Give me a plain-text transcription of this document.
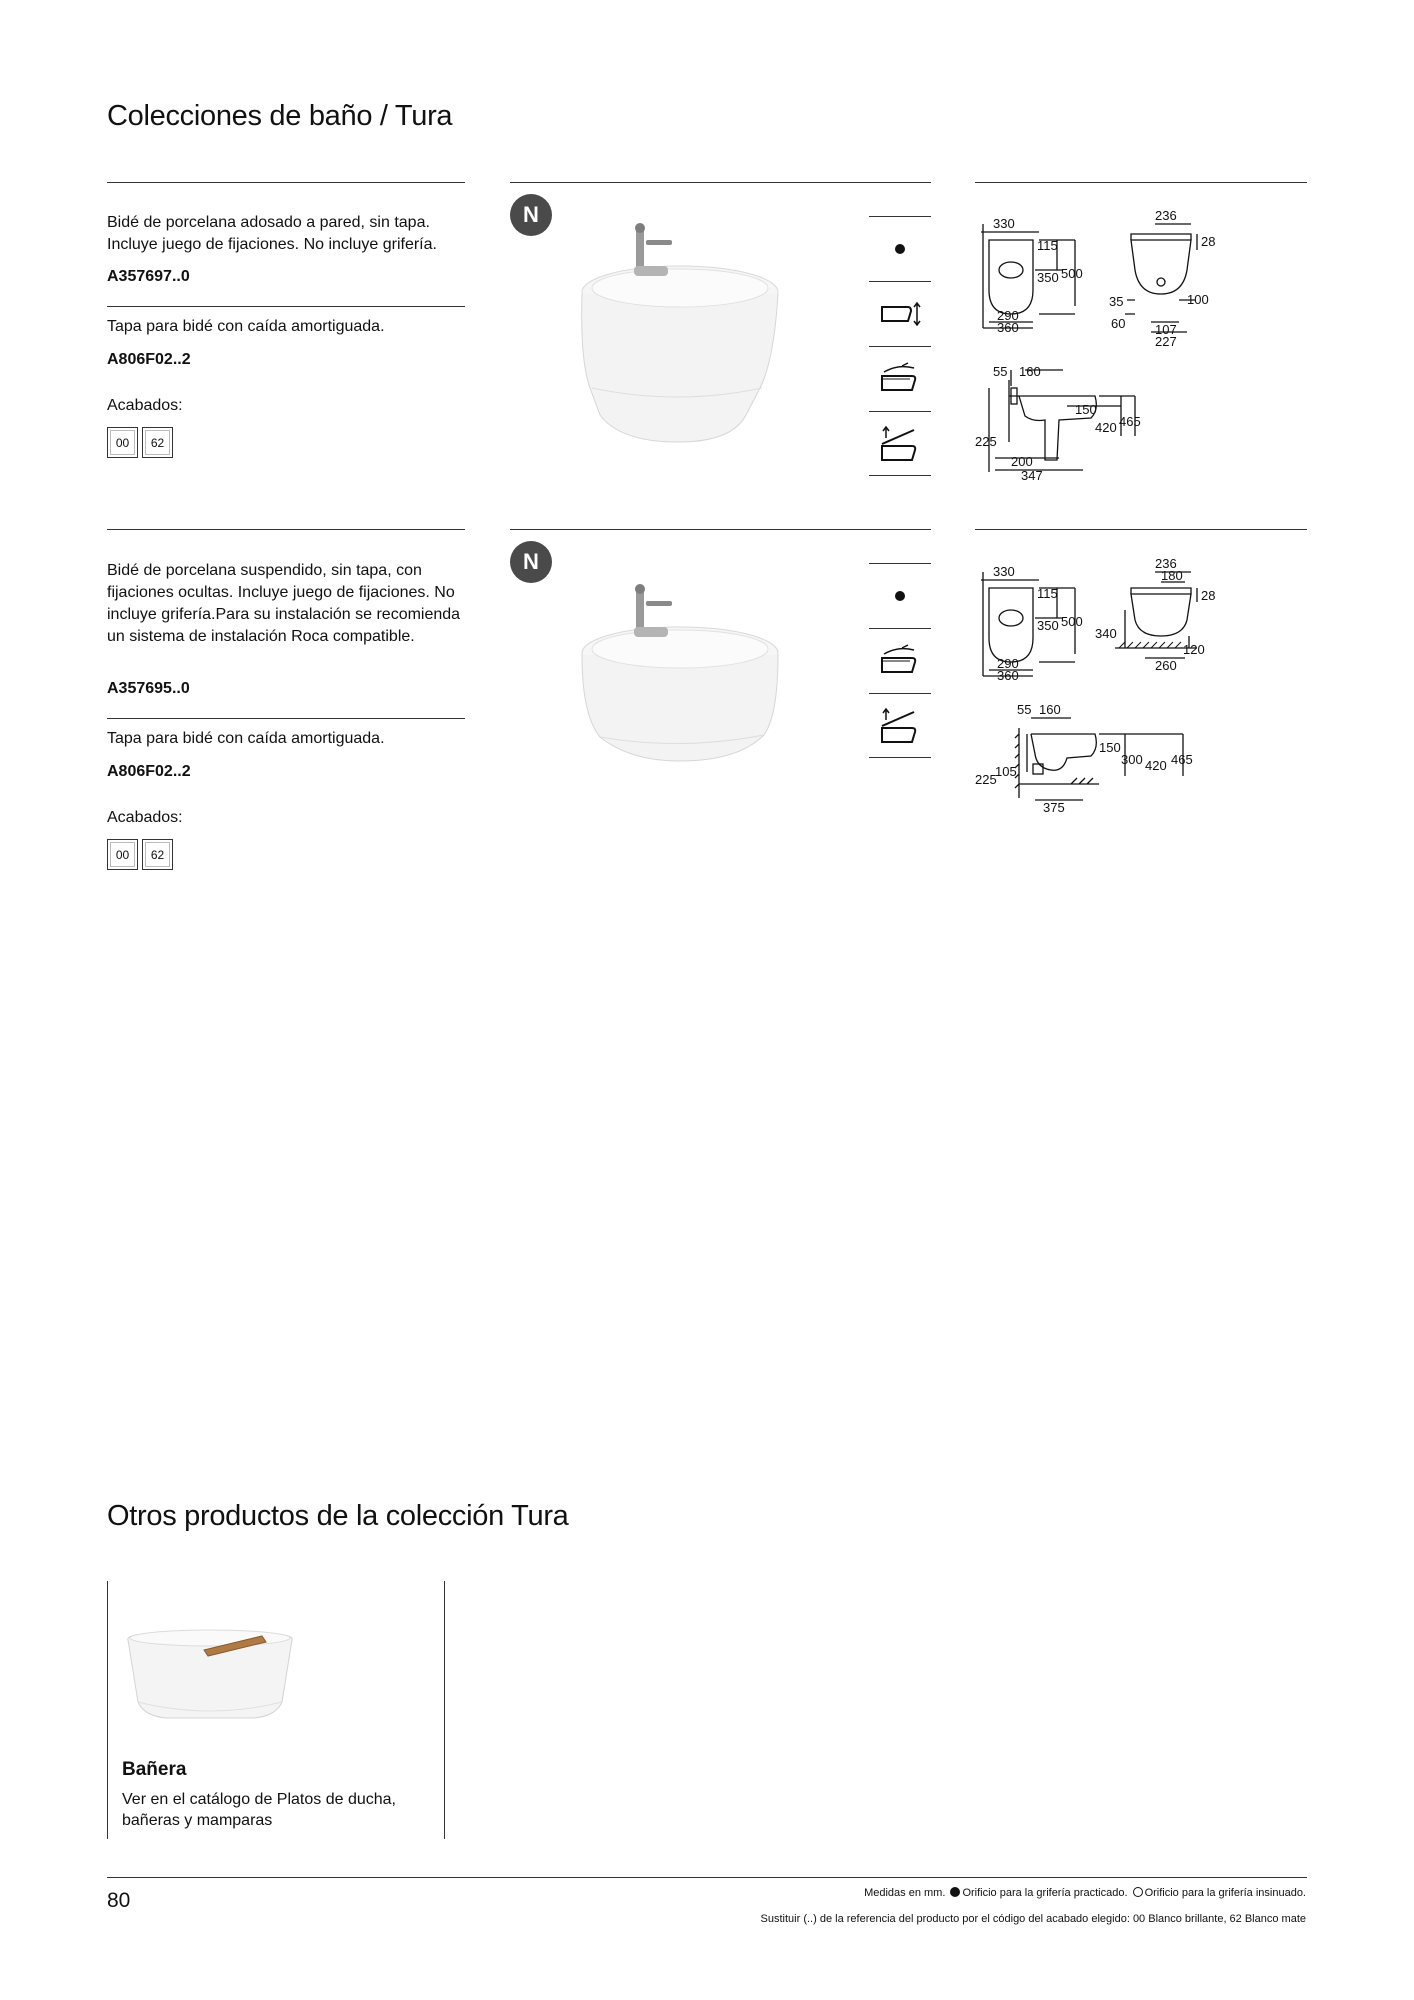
Colecciones de baño / Tura

Bidé de porcelana adosado a pared, sin tapa. Incluye juego de fijaciones. No incluye grifería.

A357697..0

Tapa para bidé con caída amortiguada.

A806F02..2

Acabados:

00	62
N	330
115
350 500
290
360
236
28
35	100
60 107
227
55 160
150
420 465
225
200
347

Bidé de porcelana suspendido, sin tapa, con fijaciones ocultas. Incluye juego de fijaciones. No incluye grifería.Para su instalación se recomienda un sistema de instalación Roca compatible.

A357695..0

Tapa para bidé con caída amortiguada.

A806F02..2

Acabados:

00	62
N	330
115
350 500
290
360
236
180
28
340
120
260
55 160
150
300 420 465
225
105
375
Otros productos de la colección Tura
Bañera

Ver en el catálogo de Platos de ducha, bañeras y mamparas

80	Medidas en mm. Orificio para la grifería practicado. Orificio para la grifería insinuado.

Sustituir (..) de la referencia del producto por el código del acabado elegido: 00 Blanco brillante, 62 Blanco mate
